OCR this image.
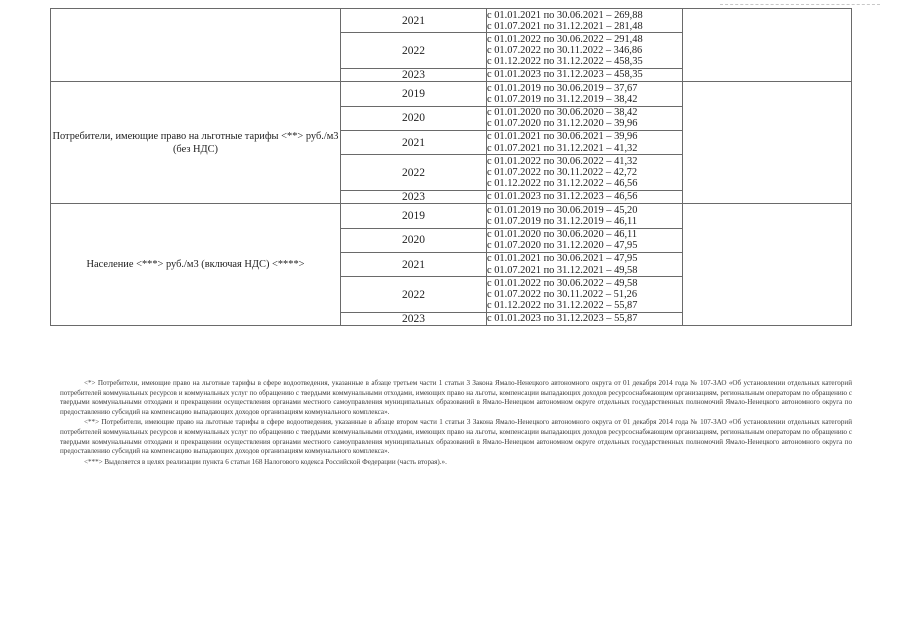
	2021	с 01.01.2021 по 30.06.2021 – 269,88
с 01.07.2021 по 31.12.2021 – 281,48	

	2022	с 01.01.2022 по 30.06.2022 – 291,48
с 01.07.2022 по 30.11.2022 – 346,86
с 01.12.2022 по 31.12.2022 – 458,35	

	2023	с 01.01.2023 по 31.12.2023 – 458,35	

Потребители, имеющие право на льготные тарифы <**> руб./м3 (без НДС)	2019	с 01.01.2019 по 30.06.2019 – 37,67
с 01.07.2019 по 31.12.2019 – 38,42	

	2020	с 01.01.2020 по 30.06.2020 – 38,42
с 01.07.2020 по 31.12.2020 – 39,96	

	2021	с 01.01.2021 по 30.06.2021 – 39,96
с 01.07.2021 по 31.12.2021 – 41,32	

	2022	с 01.01.2022 по 30.06.2022 – 41,32
с 01.07.2022 по 30.11.2022 – 42,72
с 01.12.2022 по 31.12.2022 – 46,56	

	2023	с 01.01.2023 по 31.12.2023 – 46,56	

Население <***> руб./м3 (включая НДС) <****>	2019	с 01.01.2019 по 30.06.2019 – 45,20
с 01.07.2019 по 31.12.2019 – 46,11	

	2020	с 01.01.2020 по 30.06.2020 – 46,11
с 01.07.2020 по 31.12.2020 – 47,95	

	2021	с 01.01.2021 по 30.06.2021 – 47,95
с 01.07.2021 по 31.12.2021 – 49,58	

	2022	с 01.01.2022 по 30.06.2022 – 49,58
с 01.07.2022 по 30.11.2022 – 51,26
с 01.12.2022 по 31.12.2022 – 55,87	

	2023	с 01.01.2023 по 31.12.2023 – 55,87	

<*> Потребители, имеющие право на льготные тарифы в сфере водоотведения, указанные в абзаце третьем части 1 статьи 3 Закона Ямало-Ненецкого автономного округа от 01 декабря 2014 года № 107-ЗАО «Об установлении отдельных категорий потребителей коммунальных ресурсов и коммунальных услуг по обращению с твердыми коммунальными отходами, имеющих право на льготы, компенсации выпадающих доходов ресурсоснабжающим организациям, региональным операторам по обращению с твердыми коммунальными отходами и прекращении осуществления органами местного самоуправления муниципальных образований в Ямало-Ненецком автономном округе отдельных государственных полномочий Ямало-Ненецкого автономного округа по предоставлению субсидий на компенсацию выпадающих доходов организациям коммунального комплекса».

<**> Потребители, имеющие право на льготные тарифы в сфере водоотведения, указанные в абзаце втором части 1 статьи 3 Закона Ямало-Ненецкого автономного округа от 01 декабря 2014 года № 107-ЗАО «Об установлении отдельных категорий потребителей коммунальных ресурсов и коммунальных услуг по обращению с твердыми коммунальными отходами, имеющих право на льготы, компенсации выпадающих доходов ресурсоснабжающим организациям, региональным операторам по обращению с твердыми коммунальными отходами и прекращении осуществления органами местного самоуправления муниципальных образований в Ямало-Ненецком автономном округе отдельных государственных полномочий Ямало-Ненецкого автономного округа по предоставлению субсидий на компенсацию выпадающих доходов организациям коммунального комплекса».

<***> Выделяется в целях реализации пункта 6 статьи 168 Налогового кодекса Российской Федерации (часть вторая).».
